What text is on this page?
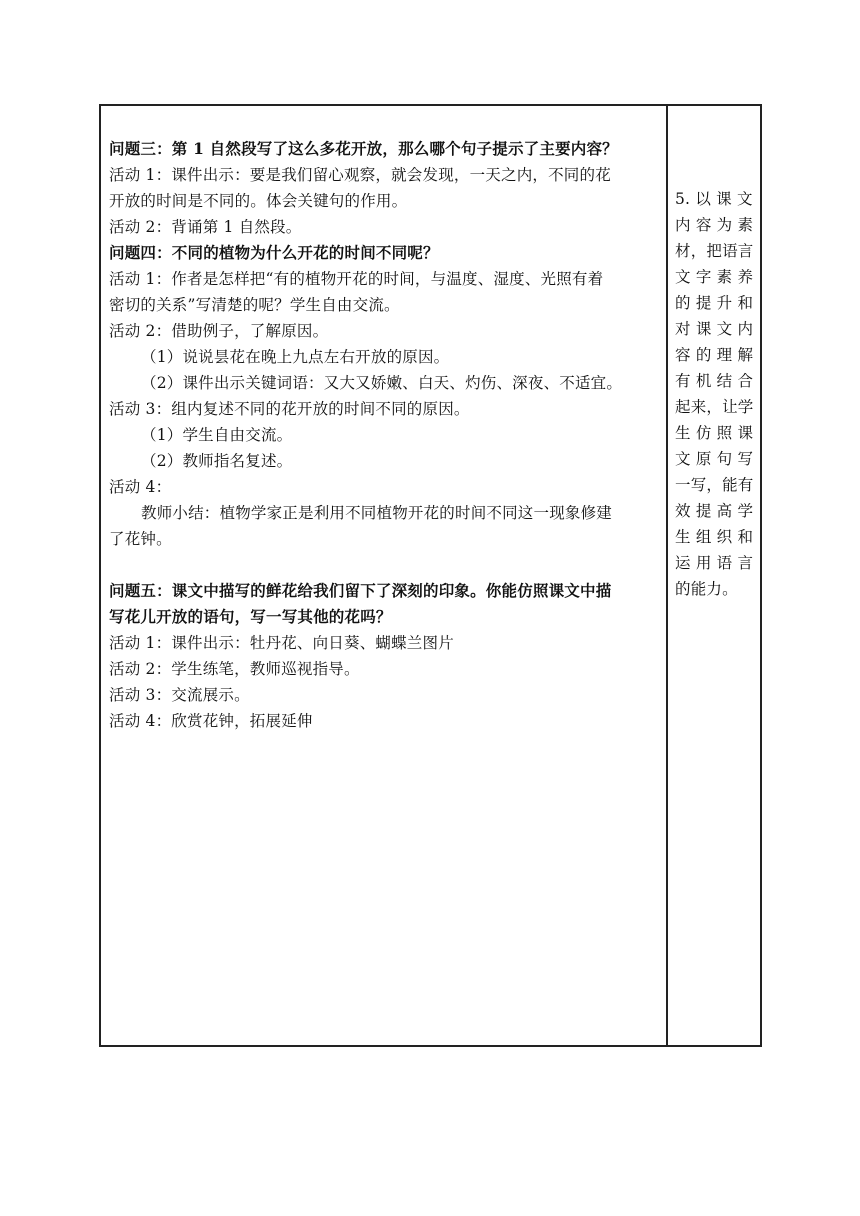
问题三：第 1 自然段写了这么多花开放，那么哪个句子提示了主要内容？

活动 1：课件出示：要是我们留心观察，就会发现，一天之内，不同的花

开放的时间是不同的。体会关键句的作用。

活动 2：背诵第 1 自然段。

问题四：不同的植物为什么开花的时间不同呢？

活动 1：作者是怎样把“有的植物开花的时间，与温度、湿度、光照有着

密切的关系”写清楚的呢？学生自由交流。

活动 2：借助例子，了解原因。

（1）说说昙花在晚上九点左右开放的原因。

（2）课件出示关键词语：又大又娇嫩、白天、灼伤、深夜、不适宜。

活动 3：组内复述不同的花开放的时间不同的原因。

（1）学生自由交流。

（2）教师指名复述。

活动 4：

教师小结：植物学家正是利用不同植物开花的时间不同这一现象修建

了花钟。

问题五：课文中描写的鲜花给我们留下了深刻的印象。你能仿照课文中描

写花儿开放的语句，写一写其他的花吗？

活动 1：课件出示：牡丹花、向日葵、蝴蝶兰图片

活动 2：学生练笔，教师巡视指导。

活动 3：交流展示。

活动 4：欣赏花钟，拓展延伸

5. 以 课 文

内 容 为 素

材，把语言

文 字 素 养

的 提 升 和

对 课 文 内

容 的 理 解

有 机 结 合

起来，让学

生 仿 照 课

文 原 句 写

一写，能有

效 提 高 学

生 组 织 和

运 用 语 言

的能力。
